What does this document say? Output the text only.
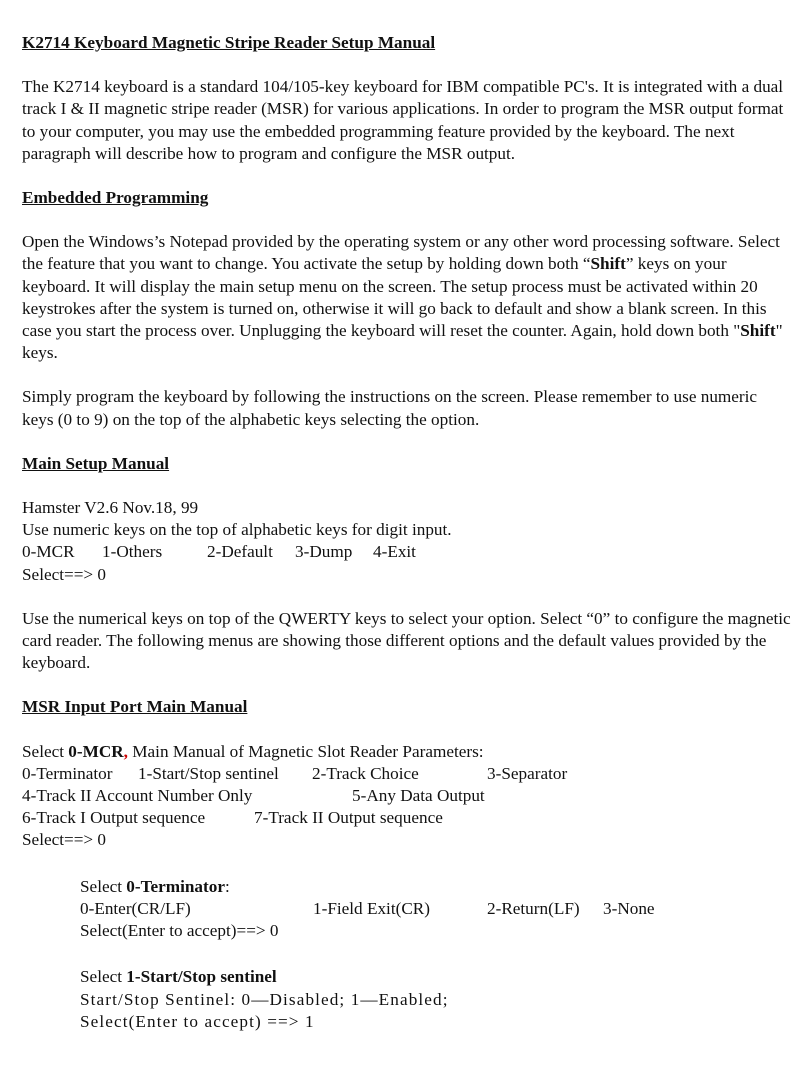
K2714 Keyboard Magnetic Stripe Reader Setup Manual

The K2714 keyboard is a standard 104/105-key keyboard for IBM compatible PC's. It is integrated with a dual track I & II magnetic stripe reader (MSR) for various applications. In order to program the MSR output format to your computer, you may use the embedded programming feature provided by the keyboard. The next paragraph will describe how to program and configure the MSR output.

Embedded Programming

Open the Windows’s Notepad provided by the operating system or any other word processing software. Select the feature that you want to change. You activate the setup by holding down both “Shift” keys on your keyboard. It will display the main setup menu on the screen. The setup process must be activated within 20 keystrokes after the system is turned on, otherwise it will go back to default and show a blank screen. In this case you start the process over. Unplugging the keyboard will reset the counter. Again, hold down both "Shift" keys.

Simply program the keyboard by following the instructions on the screen. Please remember to use numeric keys (0 to 9) on the top of the alphabetic keys selecting the option.

Main Setup Manual

Hamster V2.6 Nov.18, 99

Use numeric keys on the top of alphabetic keys for digit input.

0-MCR 1-Others	2-Default 3-Dump 4-Exit

Select==> 0

Use the numerical keys on top of the QWERTY keys to select your option. Select “0” to configure the magnetic card reader. The following menus are showing those different options and the default values provided by the keyboard.

MSR Input Port Main Manual

Select 0-MCR, Main Manual of Magnetic Slot Reader Parameters:

0-Terminator 1-Start/Stop sentinel 2-Track Choice	3-Separator

4-Track II Account Number Only	5-Any Data Output

6-Track I Output sequence	7-Track II Output sequence

Select==> 0

Select 0-Terminator:

0-Enter(CR/LF)	1-Field Exit(CR)	2-Return(LF) 3-None

Select(Enter to accept)==> 0

Select 1-Start/Stop sentinel

Start/Stop Sentinel: 0—Disabled; 1—Enabled;

Select(Enter to accept) ==> 1
